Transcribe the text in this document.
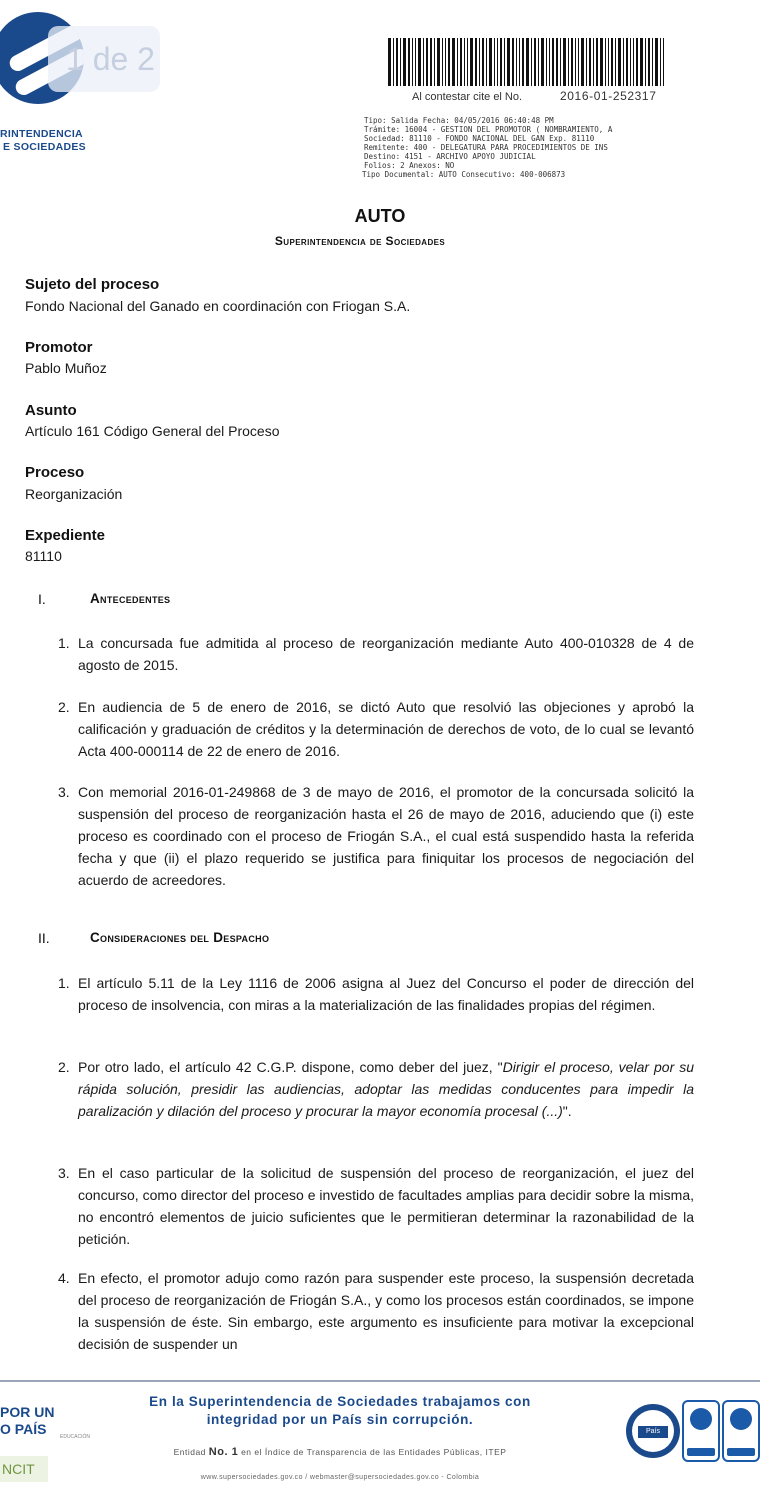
1 de 2
RINTENDENCIA
E SOCIEDADES
Al contestar cite el No.	2016-01-252317
Tipo: Salida Fecha: 04/05/2016 06:40:48 PM
Trámite: 16004 - GESTION DEL PROMOTOR ( NOMBRAMIENTO, A
Sociedad: 81110 - FONDO NACIONAL DEL GAN Exp. 81110
Remitente: 400 - DELEGATURA PARA PROCEDIMIENTOS DE INS
Destino: 4151 - ARCHIVO APOYO JUDICIAL
Folios: 2 Anexos: NO
Tipo Documental: AUTO Consecutivo: 400-006873
AUTO
Superintendencia de Sociedades
Sujeto del proceso
Fondo Nacional del Ganado en coordinación con Friogan S.A.
Promotor
Pablo Muñoz
Asunto
Artículo 161 Código General del Proceso
Proceso
Reorganización
Expediente
81110
I.	Antecedentes
1. La concursada fue admitida al proceso de reorganización mediante Auto 400-010328 de 4 de agosto de 2015.
2. En audiencia de 5 de enero de 2016, se dictó Auto que resolvió las objeciones y aprobó la calificación y graduación de créditos y la determinación de derechos de voto, de lo cual se levantó Acta 400-000114 de 22 de enero de 2016.
3. Con memorial 2016-01-249868 de 3 de mayo de 2016, el promotor de la concursada solicitó la suspensión del proceso de reorganización hasta el 26 de mayo de 2016, aduciendo que (i) este proceso es coordinado con el proceso de Friogán S.A., el cual está suspendido hasta la referida fecha y que (ii) el plazo requerido se justifica para finiquitar los procesos de negociación del acuerdo de acreedores.
II.	Consideraciones del Despacho
1. El artículo 5.11 de la Ley 1116 de 2006 asigna al Juez del Concurso el poder de dirección del proceso de insolvencia, con miras a la materialización de las finalidades propias del régimen.
2. Por otro lado, el artículo 42 C.G.P. dispone, como deber del juez, "Dirigir el proceso, velar por su rápida solución, presidir las audiencias, adoptar las medidas conducentes para impedir la paralización y dilación del proceso y procurar la mayor economía procesal (...)".
3. En el caso particular de la solicitud de suspensión del proceso de reorganización, el juez del concurso, como director del proceso e investido de facultades amplias para decidir sobre la misma, no encontró elementos de juicio suficientes que le permitieran determinar la razonabilidad de la petición.
4. En efecto, el promotor adujo como razón para suspender este proceso, la suspensión decretada del proceso de reorganización de Friogán S.A., y como los procesos están coordinados, se impone la suspensión de éste. Sin embargo, este argumento es insuficiente para motivar la excepcional decisión de suspender un
POR UN
O PAÍS	EDUCACIÓN
NCIT
En la Superintendencia de Sociedades trabajamos con
integridad por un País sin corrupción.
Entidad No. 1 en el Índice de Transparencia de las Entidades Públicas, ITEP
www.supersociedades.gov.co / webmaster@supersociedades.gov.co - Colombia
País
